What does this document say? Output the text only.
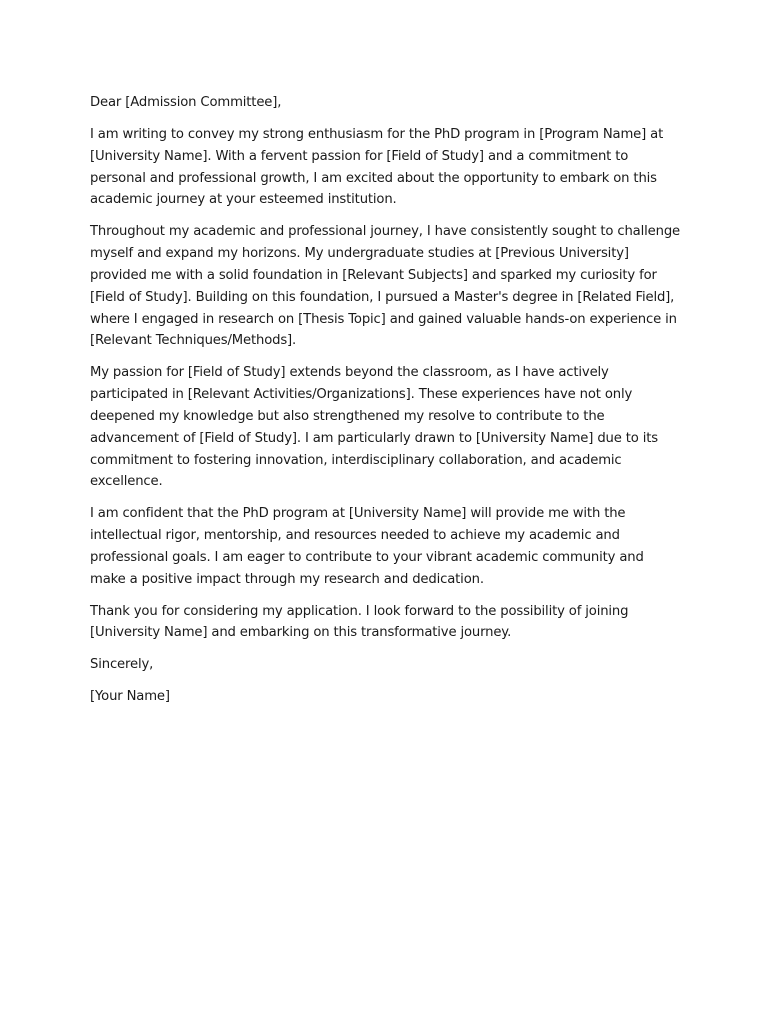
Dear [Admission Committee],

I am writing to convey my strong enthusiasm for the PhD program in [Program Name] at [University Name]. With a fervent passion for [Field of Study] and a commitment to personal and professional growth, I am excited about the opportunity to embark on this academic journey at your esteemed institution.

Throughout my academic and professional journey, I have consistently sought to challenge myself and expand my horizons. My undergraduate studies at [Previous University] provided me with a solid foundation in [Relevant Subjects] and sparked my curiosity for [Field of Study]. Building on this foundation, I pursued a Master's degree in [Related Field], where I engaged in research on [Thesis Topic] and gained valuable hands-on experience in [Relevant Techniques/Methods].

My passion for [Field of Study] extends beyond the classroom, as I have actively participated in [Relevant Activities/Organizations]. These experiences have not only deepened my knowledge but also strengthened my resolve to contribute to the advancement of [Field of Study]. I am particularly drawn to [University Name] due to its commitment to fostering innovation, interdisciplinary collaboration, and academic excellence.

I am confident that the PhD program at [University Name] will provide me with the intellectual rigor, mentorship, and resources needed to achieve my academic and professional goals. I am eager to contribute to your vibrant academic community and make a positive impact through my research and dedication.

Thank you for considering my application. I look forward to the possibility of joining [University Name] and embarking on this transformative journey.

Sincerely,

[Your Name]
